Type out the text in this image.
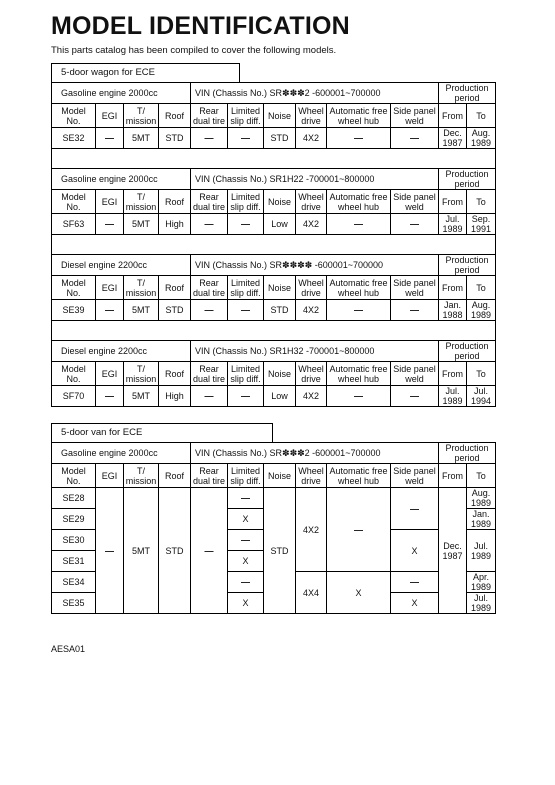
MODEL IDENTIFICATION
This parts catalog has been compiled to cover the following models.
5-door wagon for ECE
Gasoline engine 2000cc				VIN (Chassis No.) SR✽✽✽2 -600001~700000						Production period	
Model No.	EGI	T/ mission	Roof	Rear dual tire	Limited slip diff.	Noise	Wheel drive	Automatic free wheel hub	Side panel weld	From	To
SE32	—	5MT	STD	—	—	STD	4X2	—	—	Dec. 1987	Aug. 1989

Gasoline engine 2000cc				VIN (Chassis No.) SR1H22 -700001~800000						Production period	
Model No.	EGI	T/ mission	Roof	Rear dual tire	Limited slip diff.	Noise	Wheel drive	Automatic free wheel hub	Side panel weld	From	To
SF63	—	5MT	High	—	—	Low	4X2	—	—	Jul. 1989	Sep. 1991

Diesel engine 2200cc				VIN (Chassis No.) SR✽✽✽✽ -600001~700000						Production period	
Model No.	EGI	T/ mission	Roof	Rear dual tire	Limited slip diff.	Noise	Wheel drive	Automatic free wheel hub	Side panel weld	From	To
SE39	—	5MT	STD	—	—	STD	4X2	—	—	Jan. 1988	Aug. 1989

Diesel engine 2200cc				VIN (Chassis No.) SR1H32 -700001~800000						Production period	
Model No.	EGI	T/ mission	Roof	Rear dual tire	Limited slip diff.	Noise	Wheel drive	Automatic free wheel hub	Side panel weld	From	To
SF70	—	5MT	High	—	—	Low	4X2	—	—	Jul. 1989	Jul. 1994
5-door van for ECE
Gasoline engine 2000cc				VIN (Chassis No.) SR✽✽✽2 -600001~700000						Production period	
Model No.	EGI	T/ mission	Roof	Rear dual tire	Limited slip diff.	Noise	Wheel drive	Automatic free wheel hub	Side panel weld	From	To
SE28	—	5MT	STD	—	—	STD	4X2	—	—	Dec. 1987	Aug. 1989
SE29					X						Jan. 1989
SE30					—				X		Jul. 1989
SE31					X						
SE34					—		4X4	X	—		Apr. 1989
SE35					X				X		Jul. 1989
AESA01
